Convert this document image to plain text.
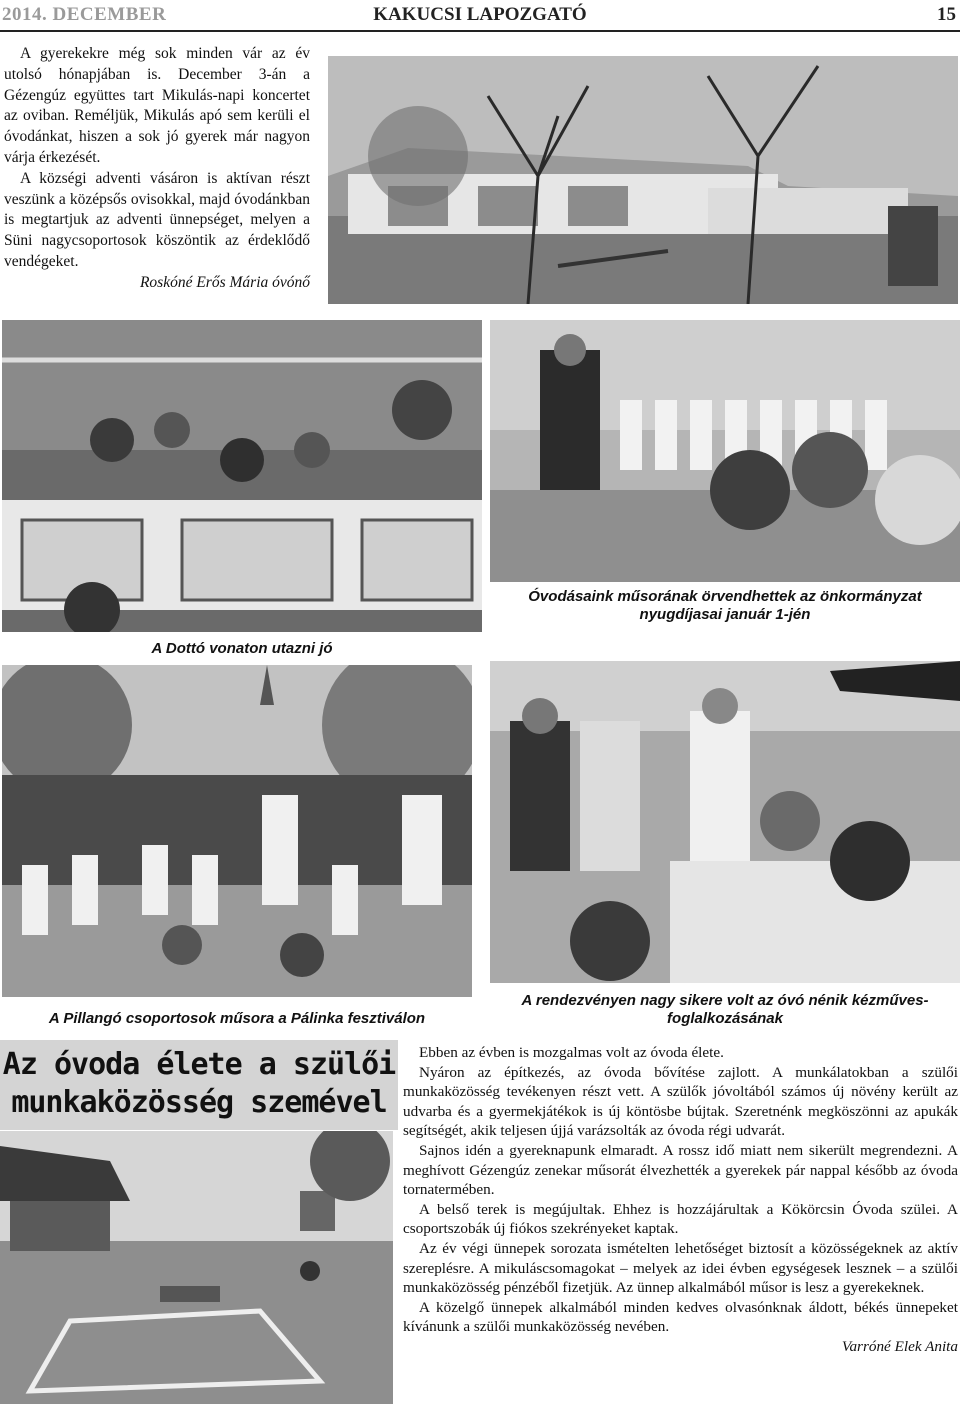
2014. DECEMBER	KAKUCSI LAPOZGATÓ	15

A gyerekekre még sok minden vár az év utolsó hónapjában is. December 3-án a Gézengúz együttes tart Mikulás-napi koncertet az oviban. Reméljük, Mikulás apó sem kerüli el óvodánkat, hiszen a sok jó gyerek már nagyon várja érkezését.

A községi adventi vásáron is aktívan részt veszünk a középsős ovisokkal, majd óvodánkban is megtartjuk az adventi ünnepséget, melyen a Süni nagycsoportosok köszöntik az érdeklődő vendégeket.

Roskóné Erős Mária óvónő

Óvodásaink műsorának örvendhettek az önkormányzat nyugdíjasai január 1-jén
A Dottó vonaton utazni jó
A Pillangó csoportosok műsora a Pálinka fesztiválon
A rendezvényen nagy sikere volt az óvó nénik kézműves-foglalkozásának
Az óvoda élete a szülői munkaközösség szemével

Ebben az évben is mozgalmas volt az óvoda élete.

Nyáron az építkezés, az óvoda bővítése zajlott. A munkálatokban a szülői munkaközösség tevékenyen részt vett. A szülők jóvoltából számos új növény került az udvarba és a gyermekjátékok is új köntösbe bújtak. Szeretnénk megköszönni az apukák segítségét, akik teljesen újjá varázsolták az óvoda régi udvarát.

Sajnos idén a gyereknapunk elmaradt. A rossz idő miatt nem sikerült megrendezni. A meghívott Gézengúz zenekar műsorát élvezhették a gyerekek pár nappal később az óvoda tornatermében.

A belső terek is megújultak. Ehhez is hozzájárultak a Kökörcsin Óvoda szülei. A csoportszobák új fiókos szekrényeket kaptak.

Az év végi ünnepek sorozata ismételten lehetőséget biztosít a közösségeknek az aktív szereplésre. A mikuláscsomagokat – melyek az idei évben egységesek lesznek – a szülői munkaközösség pénzéből fizetjük. Az ünnep alkalmából műsor is lesz a gyerekeknek.

A közelgő ünnepek alkalmából minden kedves olvasónknak áldott, békés ünnepeket kívánunk a szülői munkaközösség nevében.

Varróné Elek Anita
